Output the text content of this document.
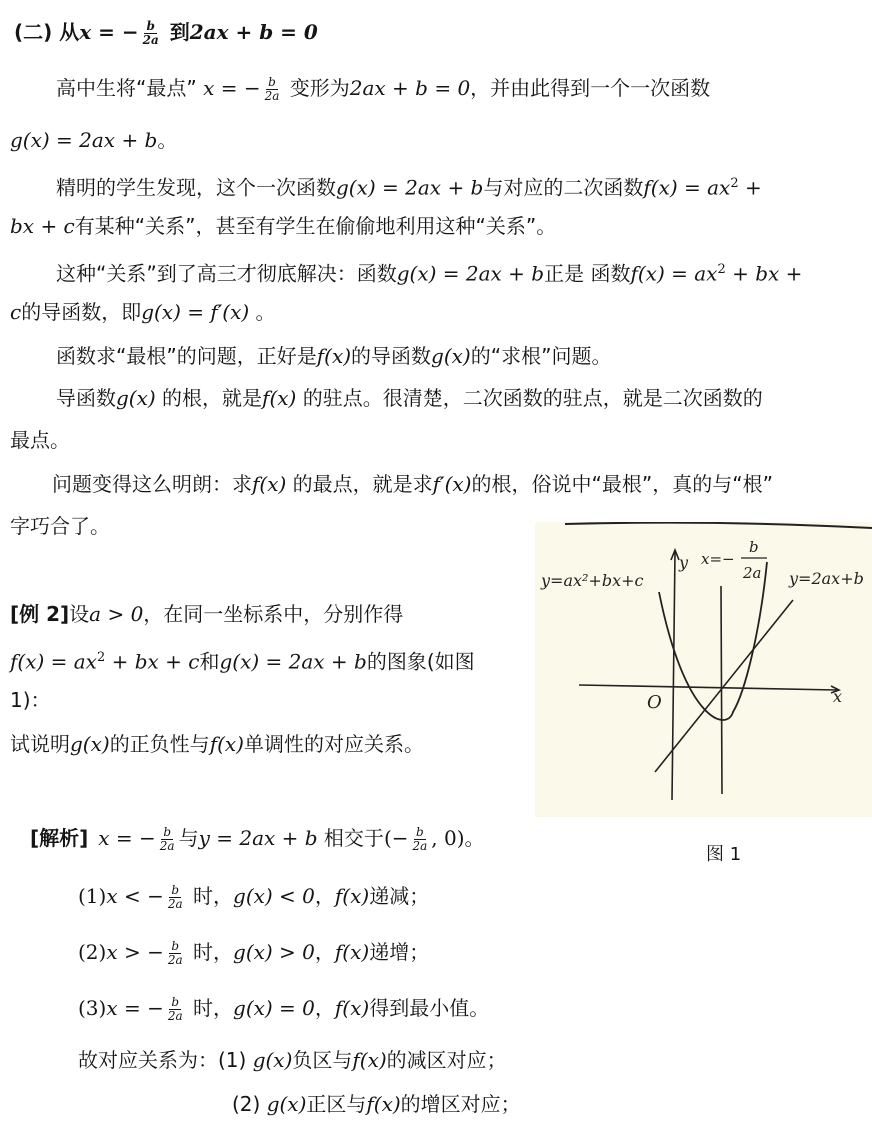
(二) 从x = − $\frac{b}{2a}$ 到2ax + b = 0
高中生将“最点” x = − $\frac{b}{2a}$ 变形为2ax + b = 0，并由此得到一个一次函数
g(x) = 2ax + b。
精明的学生发现，这个一次函数g(x) = 2ax + b与对应的二次函数$f(x) = ax^2$ +
bx + c有某种“关系”，甚至有学生在偷偷地利用这种“关系”。
这种“关系”到了高三才彻底解决：函数g(x) = 2ax + b正是 函数$f(x) = ax^2$ + bx +
c的导函数，即g(x) = f′(x) 。
函数求“最根”的问题，正好是f(x)的导函数g(x)的“求根”问题。
导函数g(x) 的根，就是f(x) 的驻点。很清楚，二次函数的驻点，就是二次函数的
最点。
问题变得这么明朗：求f(x) 的最点，就是求f′(x)的根，俗说中“最根”，真的与“根”
字巧合了。
[例 2]设a > 0，在同一坐标系中，分别作得
$f(x) = ax^2$ + bx + c和g(x) = 2ax + b的图象(如图
1)：
试说明g(x)的正负性与f(x)单调性的对应关系。
y=ax²+bx+c
y x=−
b
2a y=2ax+b
O	x
图 1
[解析] x = − $\frac{b}{2a}$ 与y = 2ax + b 相交于(− $\frac{b}{2a}$ , 0)。
(1)x < − $\frac{b}{2a}$ 时，g(x) < 0，f(x)递减；
(2)x > − $\frac{b}{2a}$ 时，g(x) > 0，f(x)递增；
(3)x = − $\frac{b}{2a}$ 时，g(x) = 0，f(x)得到最小值。
故对应关系为：(1) g(x)负区与f(x)的减区对应；
(2) g(x)正区与f(x)的增区对应；
